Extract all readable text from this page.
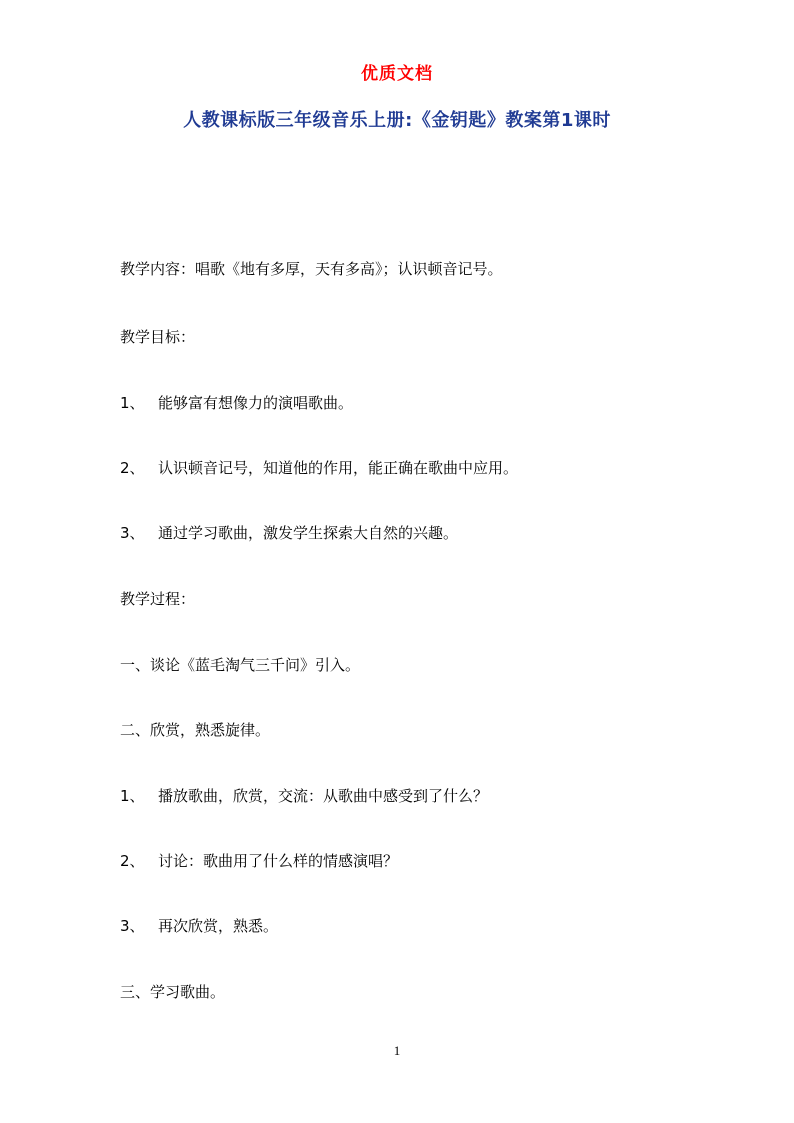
优质文档
人教课标版三年级音乐上册:《金钥匙》教案第1课时
教学内容：唱歌《地有多厚，天有多高》；认识顿音记号。
教学目标：
1、 能够富有想像力的演唱歌曲。
2、 认识顿音记号，知道他的作用，能正确在歌曲中应用。
3、 通过学习歌曲，激发学生探索大自然的兴趣。
教学过程：
一、谈论《蓝毛淘气三千问》引入。
二、欣赏，熟悉旋律。
1、 播放歌曲，欣赏，交流：从歌曲中感受到了什么？
2、 讨论：歌曲用了什么样的情感演唱？
3、 再次欣赏，熟悉。
三、学习歌曲。
1
